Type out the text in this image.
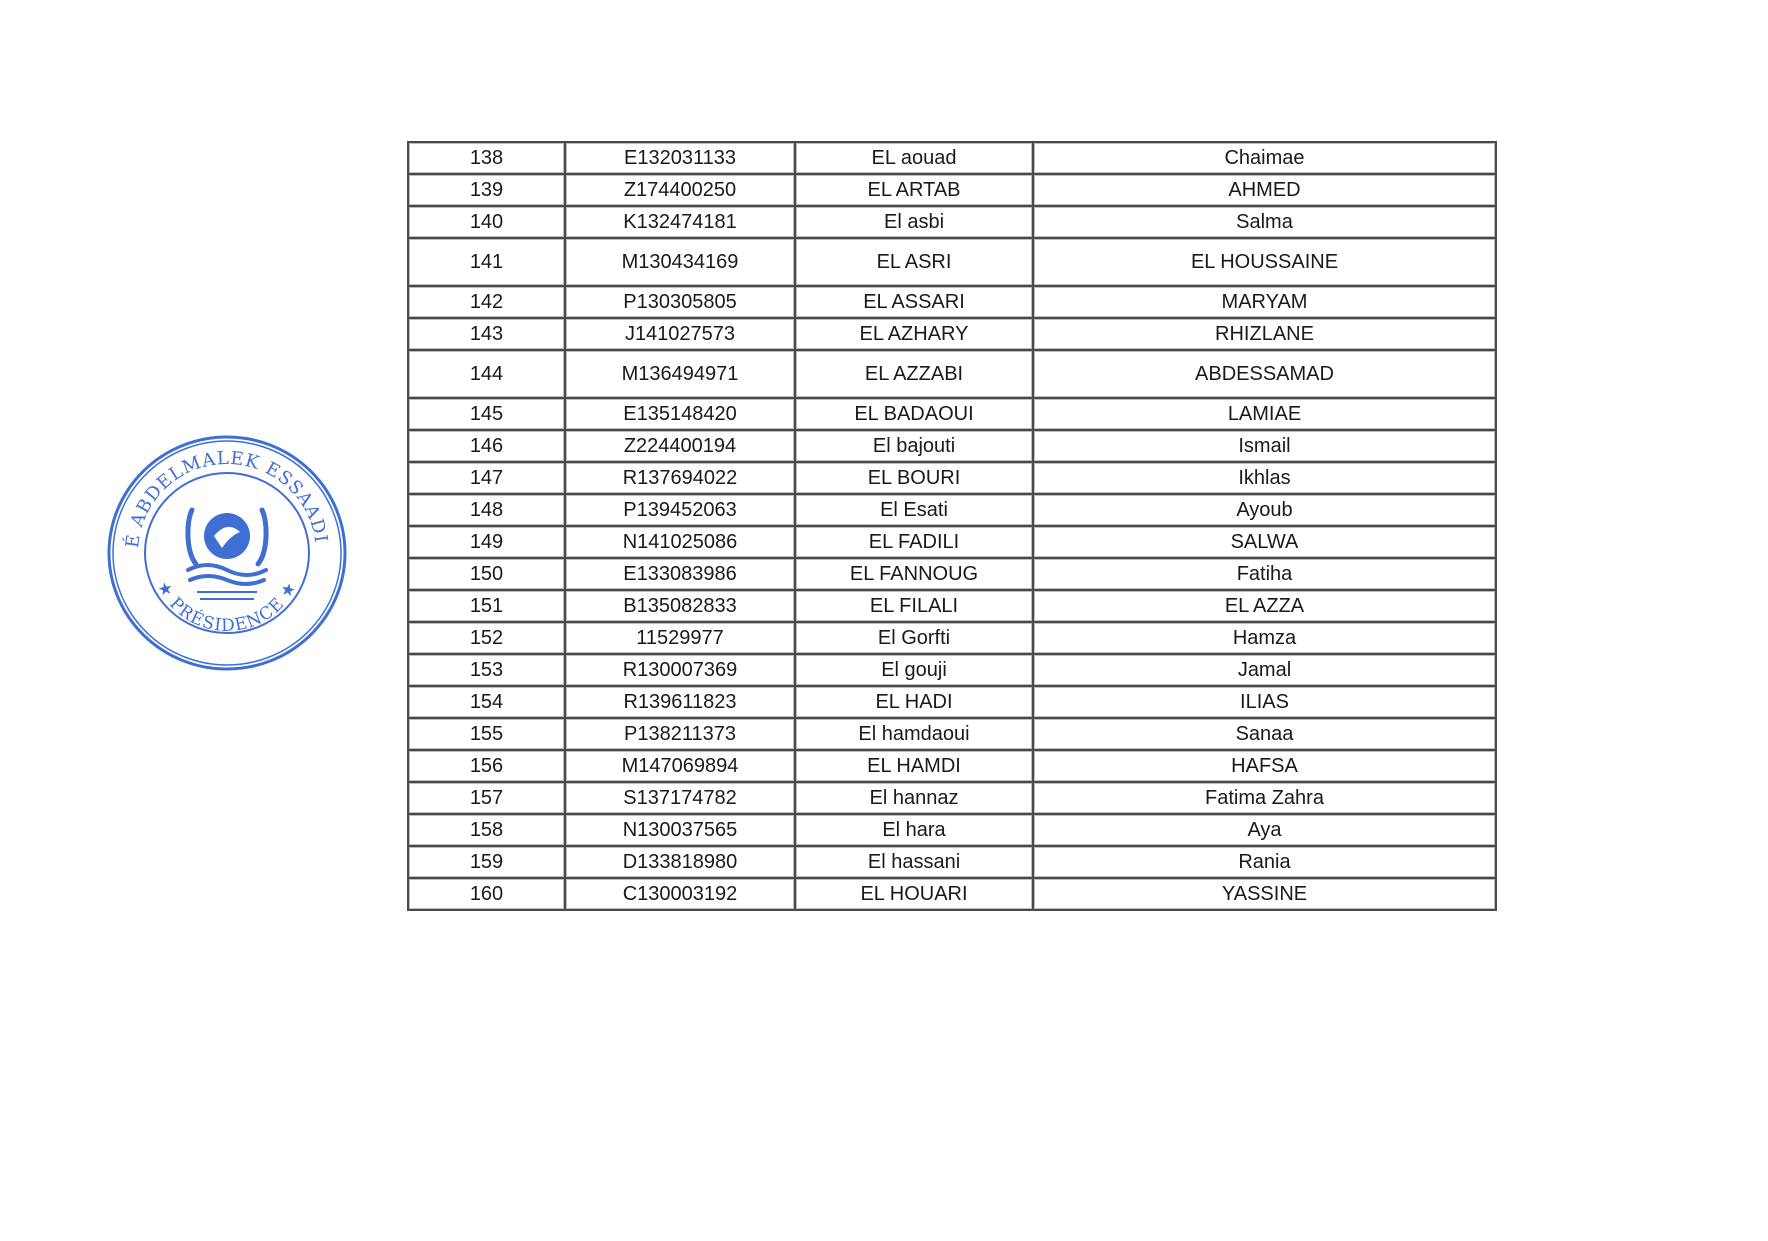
É ABDELMALEK ESSAADI
★ PRÉSIDENCE ★
138	E132031133	EL aouad	Chaimae
139	Z174400250	EL ARTAB	AHMED
140	K132474181	El asbi	Salma
141	M130434169	EL ASRI	EL HOUSSAINE
142	P130305805	EL ASSARI	MARYAM
143	J141027573	EL AZHARY	RHIZLANE
144	M136494971	EL AZZABI	ABDESSAMAD
145	E135148420	EL BADAOUI	LAMIAE
146	Z224400194	El bajouti	Ismail
147	R137694022	EL BOURI	Ikhlas
148	P139452063	El Esati	Ayoub
149	N141025086	EL FADILI	SALWA
150	E133083986	EL FANNOUG	Fatiha
151	B135082833	EL FILALI	EL AZZA
152	11529977	El Gorfti	Hamza
153	R130007369	El gouji	Jamal
154	R139611823	EL HADI	ILIAS
155	P138211373	El hamdaoui	Sanaa
156	M147069894	EL HAMDI	HAFSA
157	S137174782	El hannaz	Fatima Zahra
158	N130037565	El hara	Aya
159	D133818980	El hassani	Rania
160	C130003192	EL HOUARI	YASSINE
